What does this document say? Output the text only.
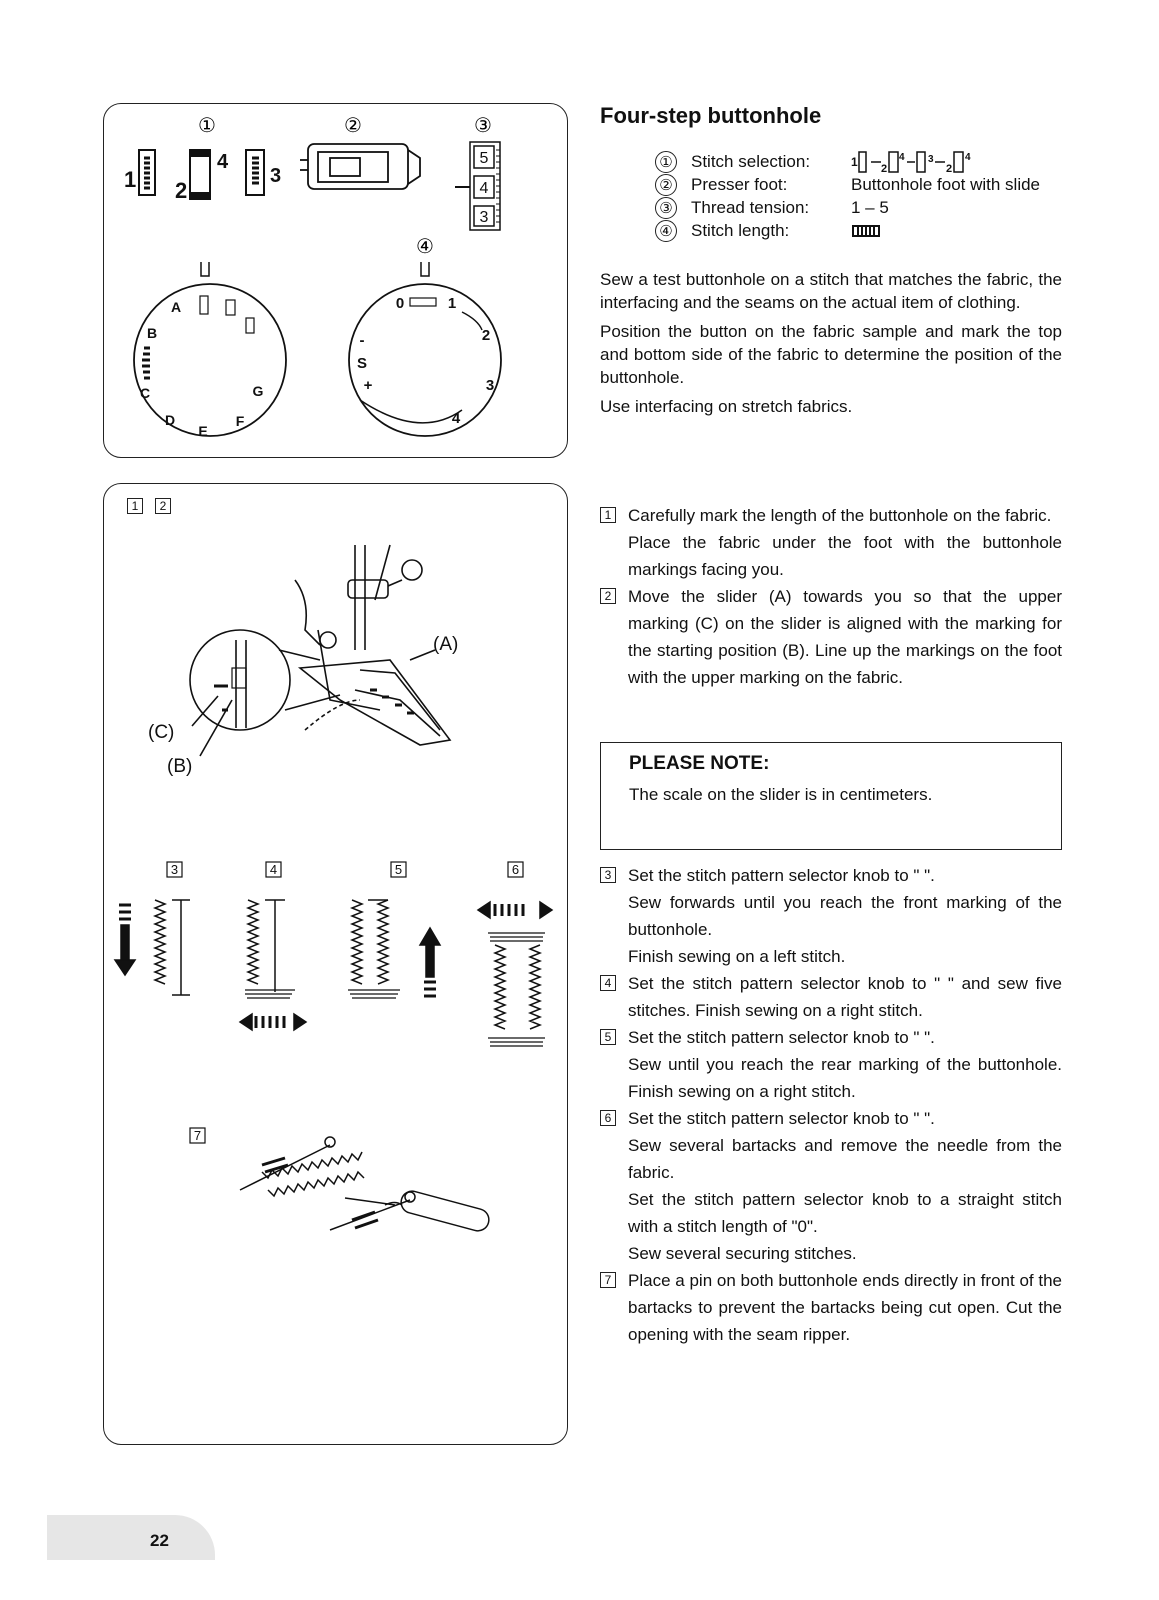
①	②	③
④
1 2
4
3
5
4
3
A
B
C
D
E
F
G
0	1
2
3
4
S
-
+
Four-step buttonhole
① Stitch selection:	1 2
4 3
2
4
② Presser foot:	Buttonhole foot with slide
③ Thread tension:	1 – 5
④ Stitch length:

Sew a test buttonhole on a stitch that matches the fabric, the interfacing and the seams on the actual item of clothing.

Position the button on the fabric sample and mark the top and bottom side of the fabric to determine the position of the buttonhole.

Use interfacing on stretch fabrics.

1	2
(A)
(C)
(B)
3	4	5	6
7
1 Carefully mark the length of the buttonhole on the fabric.

Place the fabric under the foot with the buttonhole markings facing you.

2 Move the slider (A) towards you so that the upper marking (C) on the slider is aligned with the marking for the starting position (B). Line up the markings on the foot with the upper marking on the fabric.

PLEASE NOTE:

The scale on the slider is in centimeters.

3 Set the stitch pattern selector knob to " ".

Sew forwards until you reach the front marking of the buttonhole.

Finish sewing on a left stitch.

4 Set the stitch pattern selector knob to " " and sew five stitches. Finish sewing on a right stitch.

5 Set the stitch pattern selector knob to " ".

Sew until you reach the rear marking of the buttonhole. Finish sewing on a right stitch.

6 Set the stitch pattern selector knob to " ".

Sew several bartacks and remove the needle from the fabric.

Set the stitch pattern selector knob to a straight stitch with a stitch length of "0".

Sew several securing stitches.

7 Place a pin on both buttonhole ends directly in front of the bartacks to prevent the bartacks being cut open. Cut the opening with the seam ripper.

22
